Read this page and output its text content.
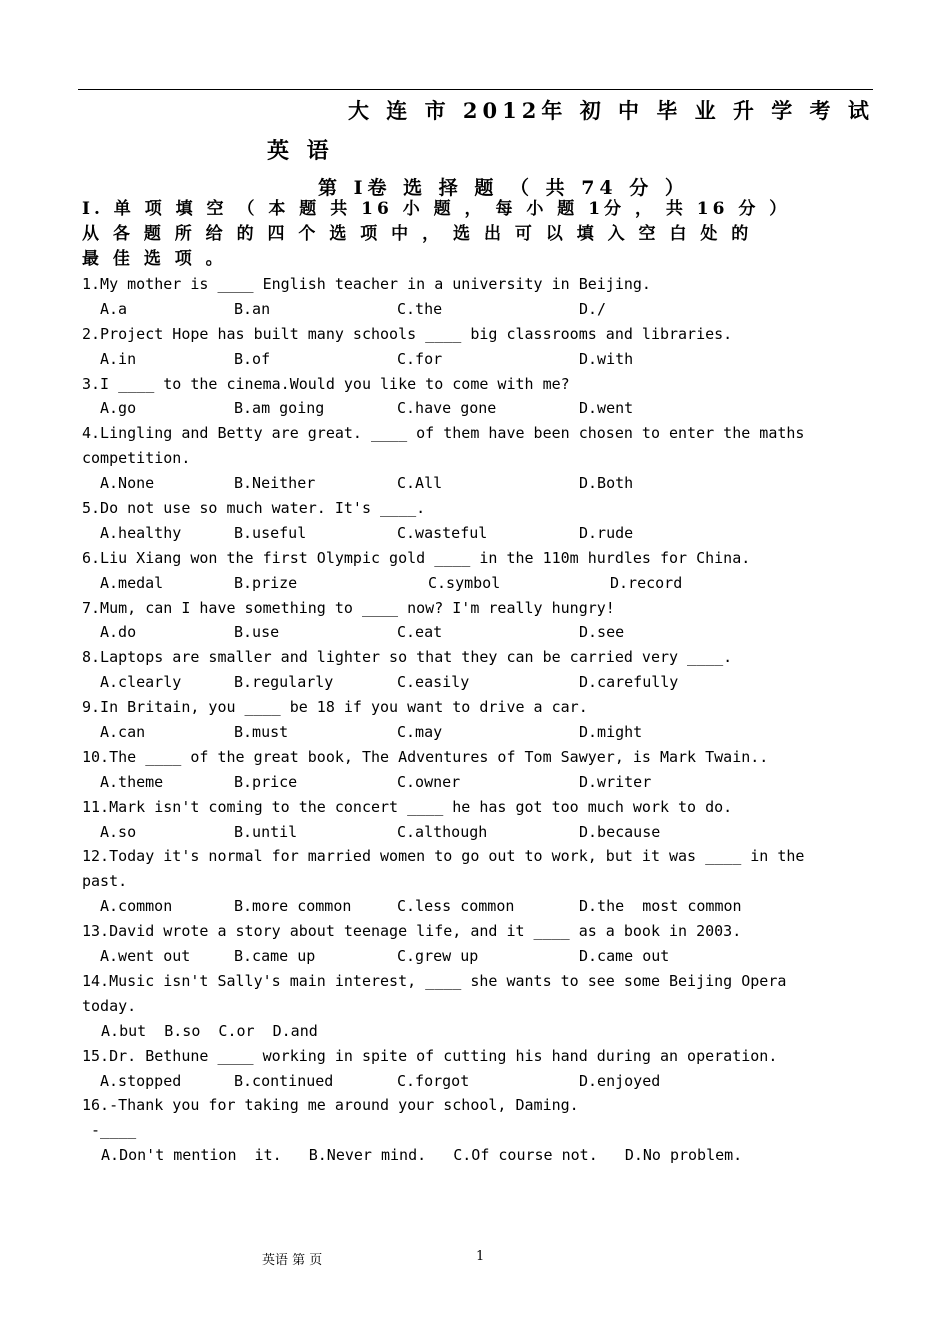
大 连 市 2012年 初 中 毕 业 升 学 考 试
英 语
第 I卷 选 择 题 （ 共 74 分 ）
I. 单 项 填 空 （ 本 题 共 16 小 题 ， 每 小 题 1分 ， 共 16 分 ）
从 各 题 所 给 的 四 个 选 项 中 ， 选 出 可 以 填 入 空 白 处 的
最 佳 选 项 。
1.My mother is ____ English teacher in a university in Beijing.
A.a	B.an	C.the	D./
2.Project Hope has built many schools ____ big classrooms and libraries.
A.in	B.of	C.for	D.with
3.I ____ to the cinema.Would you like to come with me?
A.go	B.am going	C.have gone	D.went
4.Lingling and Betty are great. ____ of them have been chosen to enter the maths
competition.
A.None	B.Neither	C.All	D.Both
5.Do not use so much water. It's ____.
A.healthy	B.useful	C.wasteful	D.rude
6.Liu Xiang won the first Olympic gold ____ in the 110m hurdles for China.
A.medal	B.prize	C.symbol	D.record
7.Mum, can I have something to ____ now? I'm really hungry!
A.do	B.use	C.eat	D.see
8.Laptops are smaller and lighter so that they can be carried very ____.
A.clearly	B.regularly	C.easily	D.carefully
9.In Britain, you ____ be 18 if you want to drive a car.
A.can	B.must	C.may	D.might
10.The ____ of the great book, The Adventures of Tom Sawyer, is Mark Twain..
A.theme	B.price	C.owner	D.writer
11.Mark isn't coming to the concert ____ he has got too much work to do.
A.so	B.until	C.although	D.because
12.Today it's normal for married women to go out to work, but it was ____ in the
past.
A.common	B.more common	C.less common	D.the  most common
13.David wrote a story about teenage life, and it ____ as a book in 2003.
A.went out	B.came up	C.grew up	D.came out
14.Music isn't Sally's main interest, ____ she wants to see some Beijing Opera
today.
A.but  B.so  C.or  D.and
15.Dr. Bethune ____ working in spite of cutting his hand during an operation.
A.stopped	B.continued	C.forgot	D.enjoyed
16.-Thank you for taking me around your school, Daming.
-____
A.Don't mention  it.   B.Never mind.   C.Of course not.   D.No problem.
英语 第 页	1
